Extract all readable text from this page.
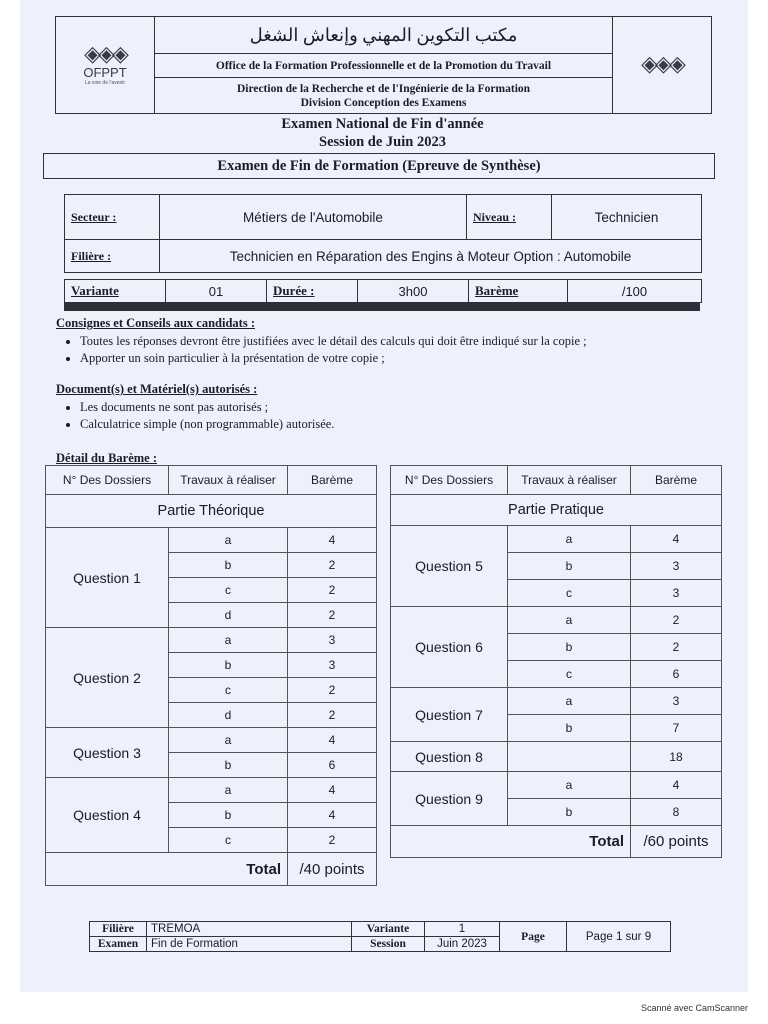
◈◈◈
OFPPT
La voie de l'avenir
مكتب التكوين المهني وإنعاش الشغل
Office de la Formation Professionnelle et de la Promotion du Travail
Direction de la Recherche et de l'Ingénierie de la Formation
Division Conception des Examens
◈◈◈
Examen National de Fin d'année
Session de Juin 2023
Examen de Fin de Formation (Epreuve de Synthèse)
Secteur :	Métiers de l'Automobile	Niveau :	Technicien
Filière :	Technicien en Réparation des Engins à Moteur Option : Automobile
Variante	01	Durée :	3h00	Barème	/100
Consignes et Conseils aux candidats :
• Toutes les réponses devront être justifiées avec le détail des calculs qui doit être indiqué sur la copie ;
• Apporter un soin particulier à la présentation de votre copie ;
Document(s) et Matériel(s) autorisés :
• Les documents ne sont pas autorisés ;
• Calculatrice simple (non programmable) autorisée.
Détail du Barème :
N° Des Dossiers	Travaux à réaliser	Barème
Partie Théorique		
Question 1	a	4
	b	2
	c	2
	d	2
Question 2	a	3
	b	3
	c	2
	d	2
Question 3	a	4
	b	6
Question 4	a	4
	b	4
	c	2
Total		/40 points
N° Des Dossiers	Travaux à réaliser	Barème
Partie Pratique		
Question 5	a	4
	b	3
	c	3
Question 6	a	2
	b	2
	c	6
Question 7	a	3
	b	7
Question 8		18
Question 9	a	4
	b	8
Total		/60 points
Filière	TREMOA	Variante	1	Page	Page 1 sur 9
Examen	Fin de Formation	Session	Juin 2023		
Scanné avec CamScanner
